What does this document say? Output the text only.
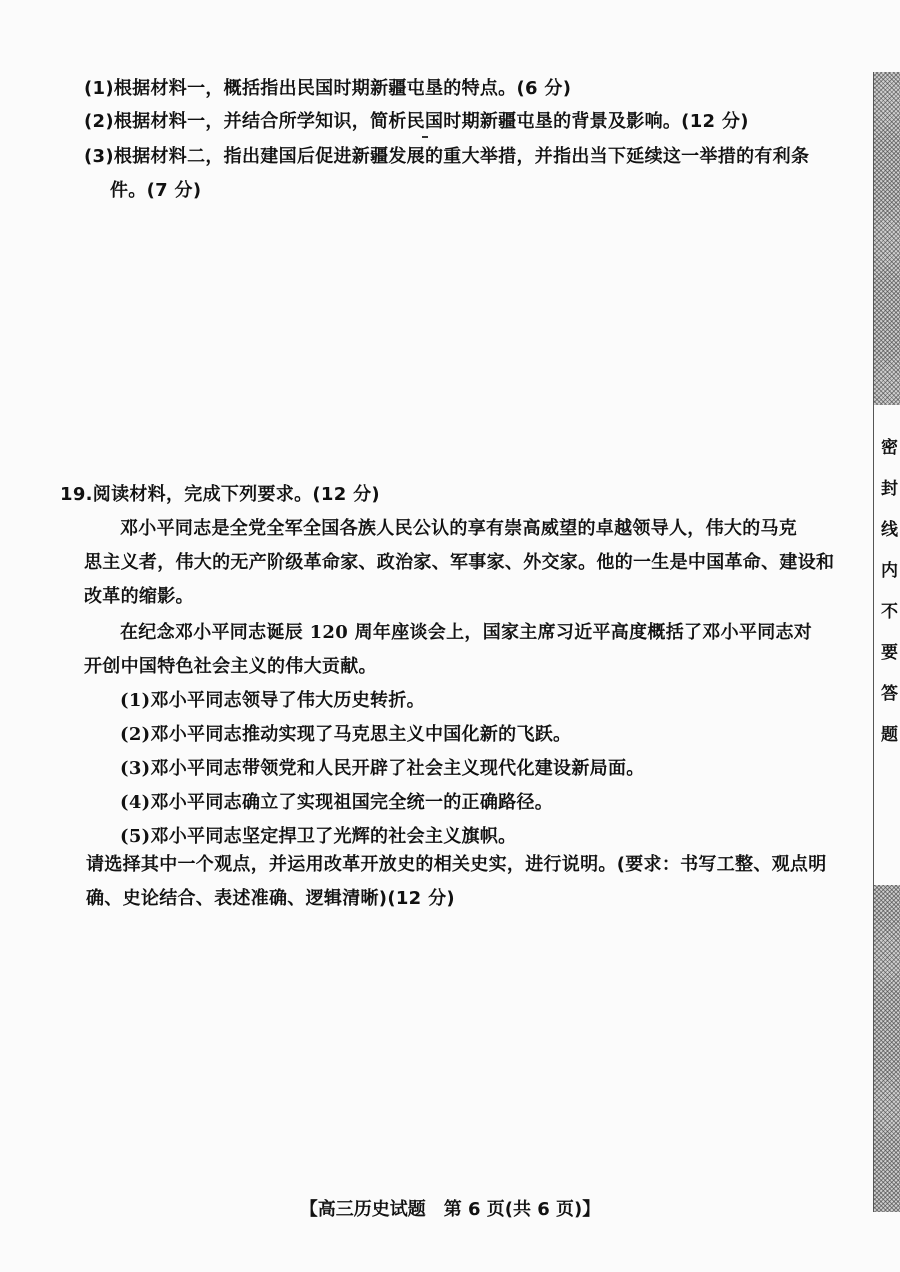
(1)根据材料一，概括指出民国时期新疆屯垦的特点。(6 分)
(2)根据材料一，并结合所学知识，简析民国时期新疆屯垦的背景及影响。(12 分)
(3)根据材料二，指出建国后促进新疆发展的重大举措，并指出当下延续这一举措的有利条
件。(7 分)
19.阅读材料，完成下列要求。(12 分)
邓小平同志是全党全军全国各族人民公认的享有崇高威望的卓越领导人，伟大的马克
思主义者，伟大的无产阶级革命家、政治家、军事家、外交家。他的一生是中国革命、建设和
改革的缩影。
在纪念邓小平同志诞辰 120 周年座谈会上，国家主席习近平高度概括了邓小平同志对
开创中国特色社会主义的伟大贡献。
(1)邓小平同志领导了伟大历史转折。
(2)邓小平同志推动实现了马克思主义中国化新的飞跃。
(3)邓小平同志带领党和人民开辟了社会主义现代化建设新局面。
(4)邓小平同志确立了实现祖国完全统一的正确路径。
(5)邓小平同志坚定捍卫了光辉的社会主义旗帜。
请选择其中一个观点，并运用改革开放史的相关史实，进行说明。(要求：书写工整、观点明
确、史论结合、表述准确、逻辑清晰)(12 分)
密封线内不要答题
【高三历史试题　第 6 页(共 6 页)】
